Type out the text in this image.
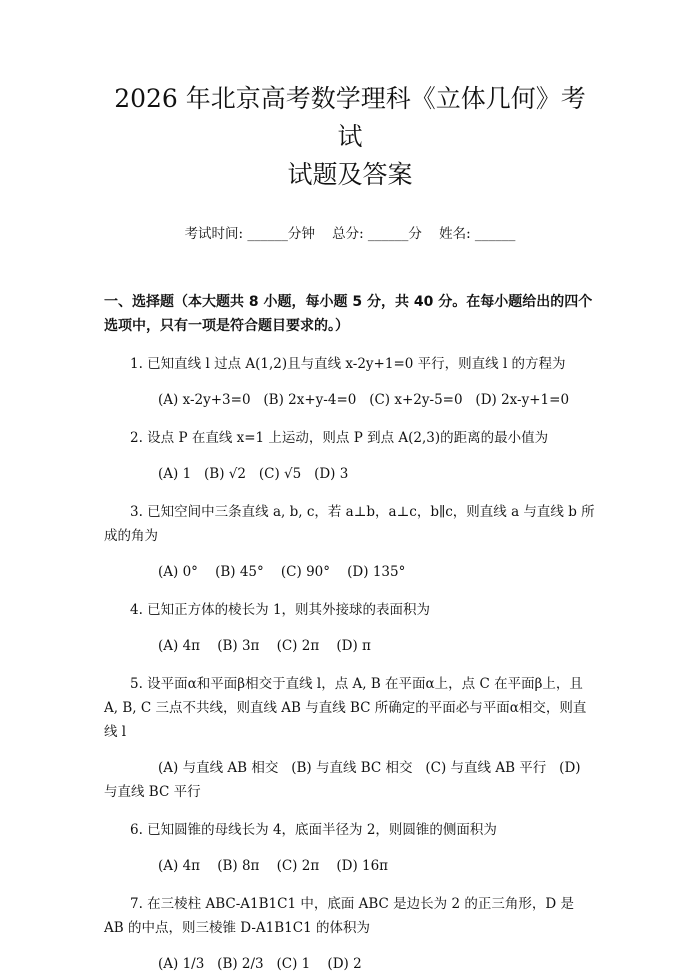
2026 年北京高考数学理科《立体几何》考试
试题及答案
考试时间: ______分钟    总分: ______分    姓名: ______
一、选择题（本大题共 8 小题，每小题 5 分，共 40 分。在每小题给出的四个选项中，只有一项是符合题目要求的。）
1. 已知直线 l 过点 A(1,2)且与直线 x-2y+1=0 平行，则直线 l 的方程为
(A) x-2y+3=0   (B) 2x+y-4=0   (C) x+2y-5=0   (D) 2x-y+1=0
2. 设点 P 在直线 x=1 上运动，则点 P 到点 A(2,3)的距离的最小值为
(A) 1   (B) √2   (C) √5   (D) 3
3. 已知空间中三条直线 a, b, c，若 a⊥b，a⊥c，b∥c，则直线 a 与直线 b 所成的角为
(A) 0°    (B) 45°    (C) 90°    (D) 135°
4. 已知正方体的棱长为 1，则其外接球的表面积为
(A) 4π    (B) 3π    (C) 2π    (D) π
5. 设平面α和平面β相交于直线 l，点 A, B 在平面α上，点 C 在平面β上，且 A, B, C 三点不共线，则直线 AB 与直线 BC 所确定的平面必与平面α相交，则直线 l
(A) 与直线 AB 相交   (B) 与直线 BC 相交   (C) 与直线 AB 平行   (D) 与直线 BC 平行
6. 已知圆锥的母线长为 4，底面半径为 2，则圆锥的侧面积为
(A) 4π    (B) 8π    (C) 2π    (D) 16π
7. 在三棱柱 ABC-A1B1C1 中，底面 ABC 是边长为 2 的正三角形，D 是 AB 的中点，则三棱锥 D-A1B1C1 的体积为
(A) 1/3   (B) 2/3   (C) 1    (D) 2
